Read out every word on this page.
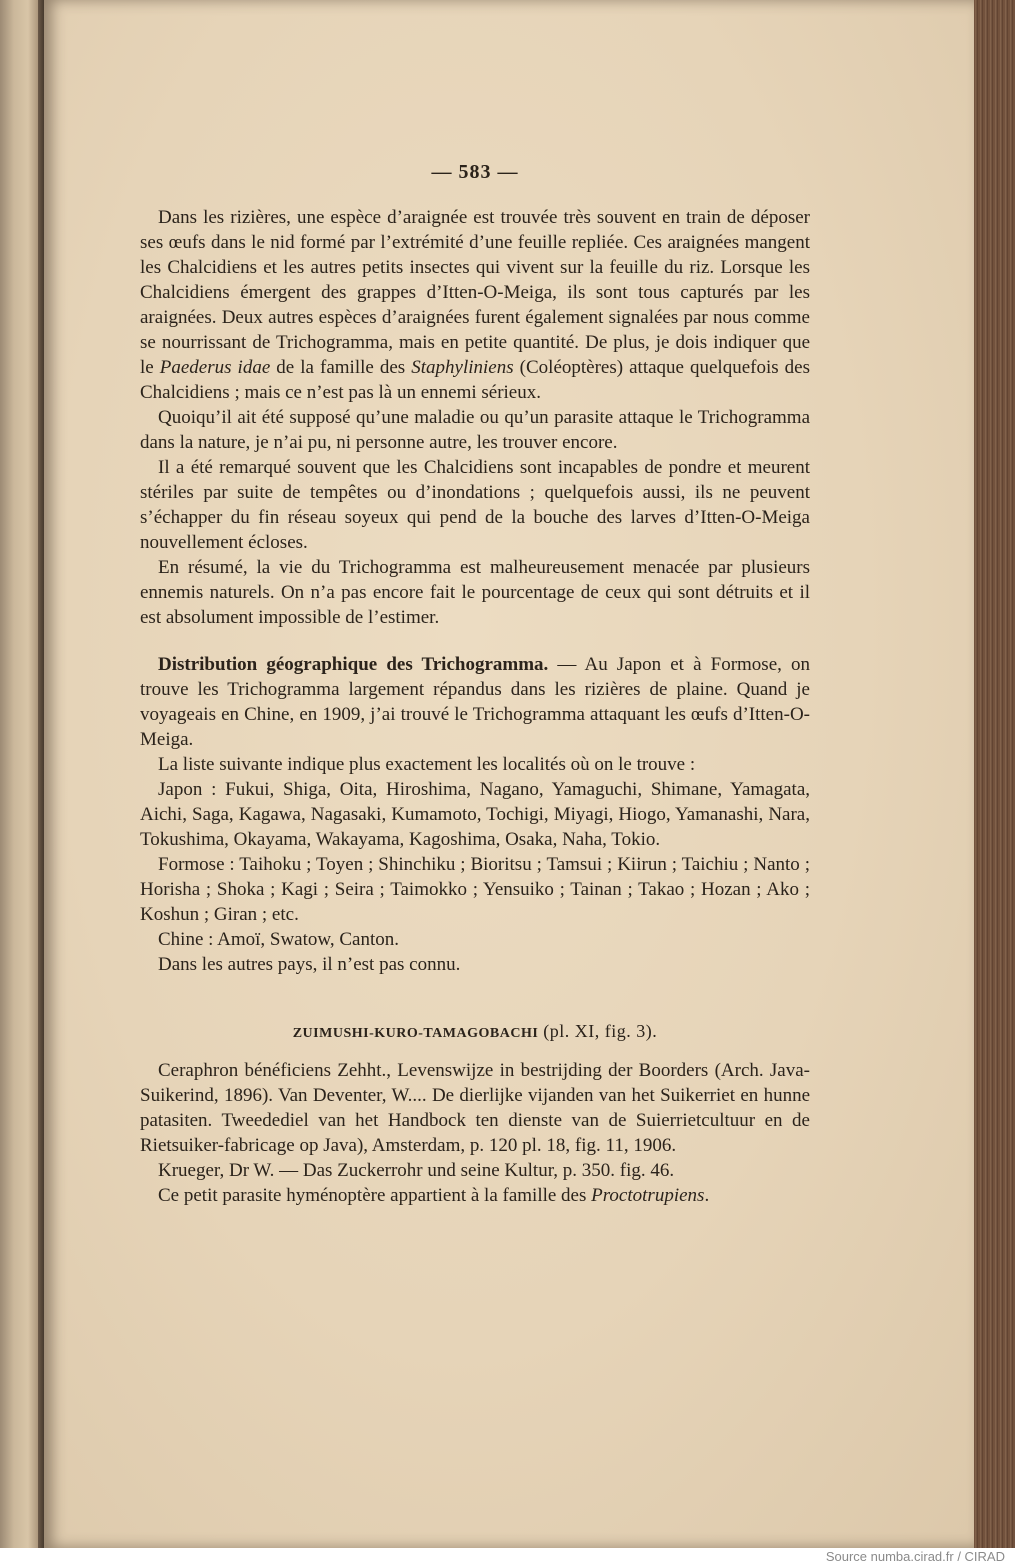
— 583 —

Dans les rizières, une espèce d’araignée est trouvée très souvent en train de déposer ses œufs dans le nid formé par l’extrémité d’une feuille repliée. Ces araignées mangent les Chalcidiens et les autres petits insectes qui vivent sur la feuille du riz. Lorsque les Chalcidiens émergent des grappes d’Itten-O-Meiga, ils sont tous capturés par les araignées. Deux autres espèces d’araignées furent également signalées par nous comme se nourrissant de Trichogramma, mais en petite quantité. De plus, je dois indiquer que le Paederus idae de la famille des Staphyliniens (Coléoptères) attaque quelquefois des Chalcidiens ; mais ce n’est pas là un ennemi sérieux.

Quoiqu’il ait été supposé qu’une maladie ou qu’un parasite attaque le Trichogramma dans la nature, je n’ai pu, ni personne autre, les trouver encore.

Il a été remarqué souvent que les Chalcidiens sont incapables de pondre et meurent stériles par suite de tempêtes ou d’inondations ; quelquefois aussi, ils ne peuvent s’échapper du fin réseau soyeux qui pend de la bouche des larves d’Itten-O-Meiga nouvellement écloses.

En résumé, la vie du Trichogramma est malheureusement menacée par plusieurs ennemis naturels. On n’a pas encore fait le pourcentage de ceux qui sont détruits et il est absolument impossible de l’estimer.

Distribution géographique des Trichogramma. — Au Japon et à Formose, on trouve les Trichogramma largement répandus dans les rizières de plaine. Quand je voyageais en Chine, en 1909, j’ai trouvé le Trichogramma attaquant les œufs d’Itten-O-Meiga.

La liste suivante indique plus exactement les localités où on le trouve :

Japon : Fukui, Shiga, Oita, Hiroshima, Nagano, Yamaguchi, Shimane, Yamagata, Aichi, Saga, Kagawa, Nagasaki, Kumamoto, Tochigi, Miyagi, Hiogo, Yamanashi, Nara, Tokushima, Okayama, Wakayama, Kagoshima, Osaka, Naha, Tokio.

Formose : Taihoku ; Toyen ; Shinchiku ; Bioritsu ; Tamsui ; Kiirun ; Taichiu ; Nanto ; Horisha ; Shoka ; Kagi ; Seira ; Taimokko ; Yensuiko ; Tainan ; Takao ; Hozan ; Ako ; Koshun ; Giran ; etc.

Chine : Amoï, Swatow, Canton.

Dans les autres pays, il n’est pas connu.

ZUIMUSHI-KURO-TAMAGOBACHI (pl. XI, fig. 3).

Ceraphron bénéficiens Zehht., Levenswijze in bestrijding der Boorders (Arch. Java-Suikerind, 1896). Van Deventer, W.... De dierlijke vijanden van het Suikerriet en hunne patasiten. Tweedediel van het Handbock ten dienste van de Suierrietcultuur en de Rietsuiker-fabricage op Java), Amsterdam, p. 120 pl. 18, fig. 11, 1906.

Krueger, Dr W. — Das Zuckerrohr und seine Kultur, p. 350. fig. 46.

Ce petit parasite hyménoptère appartient à la famille des Proctotrupiens.

Source numba.cirad.fr / CIRAD
